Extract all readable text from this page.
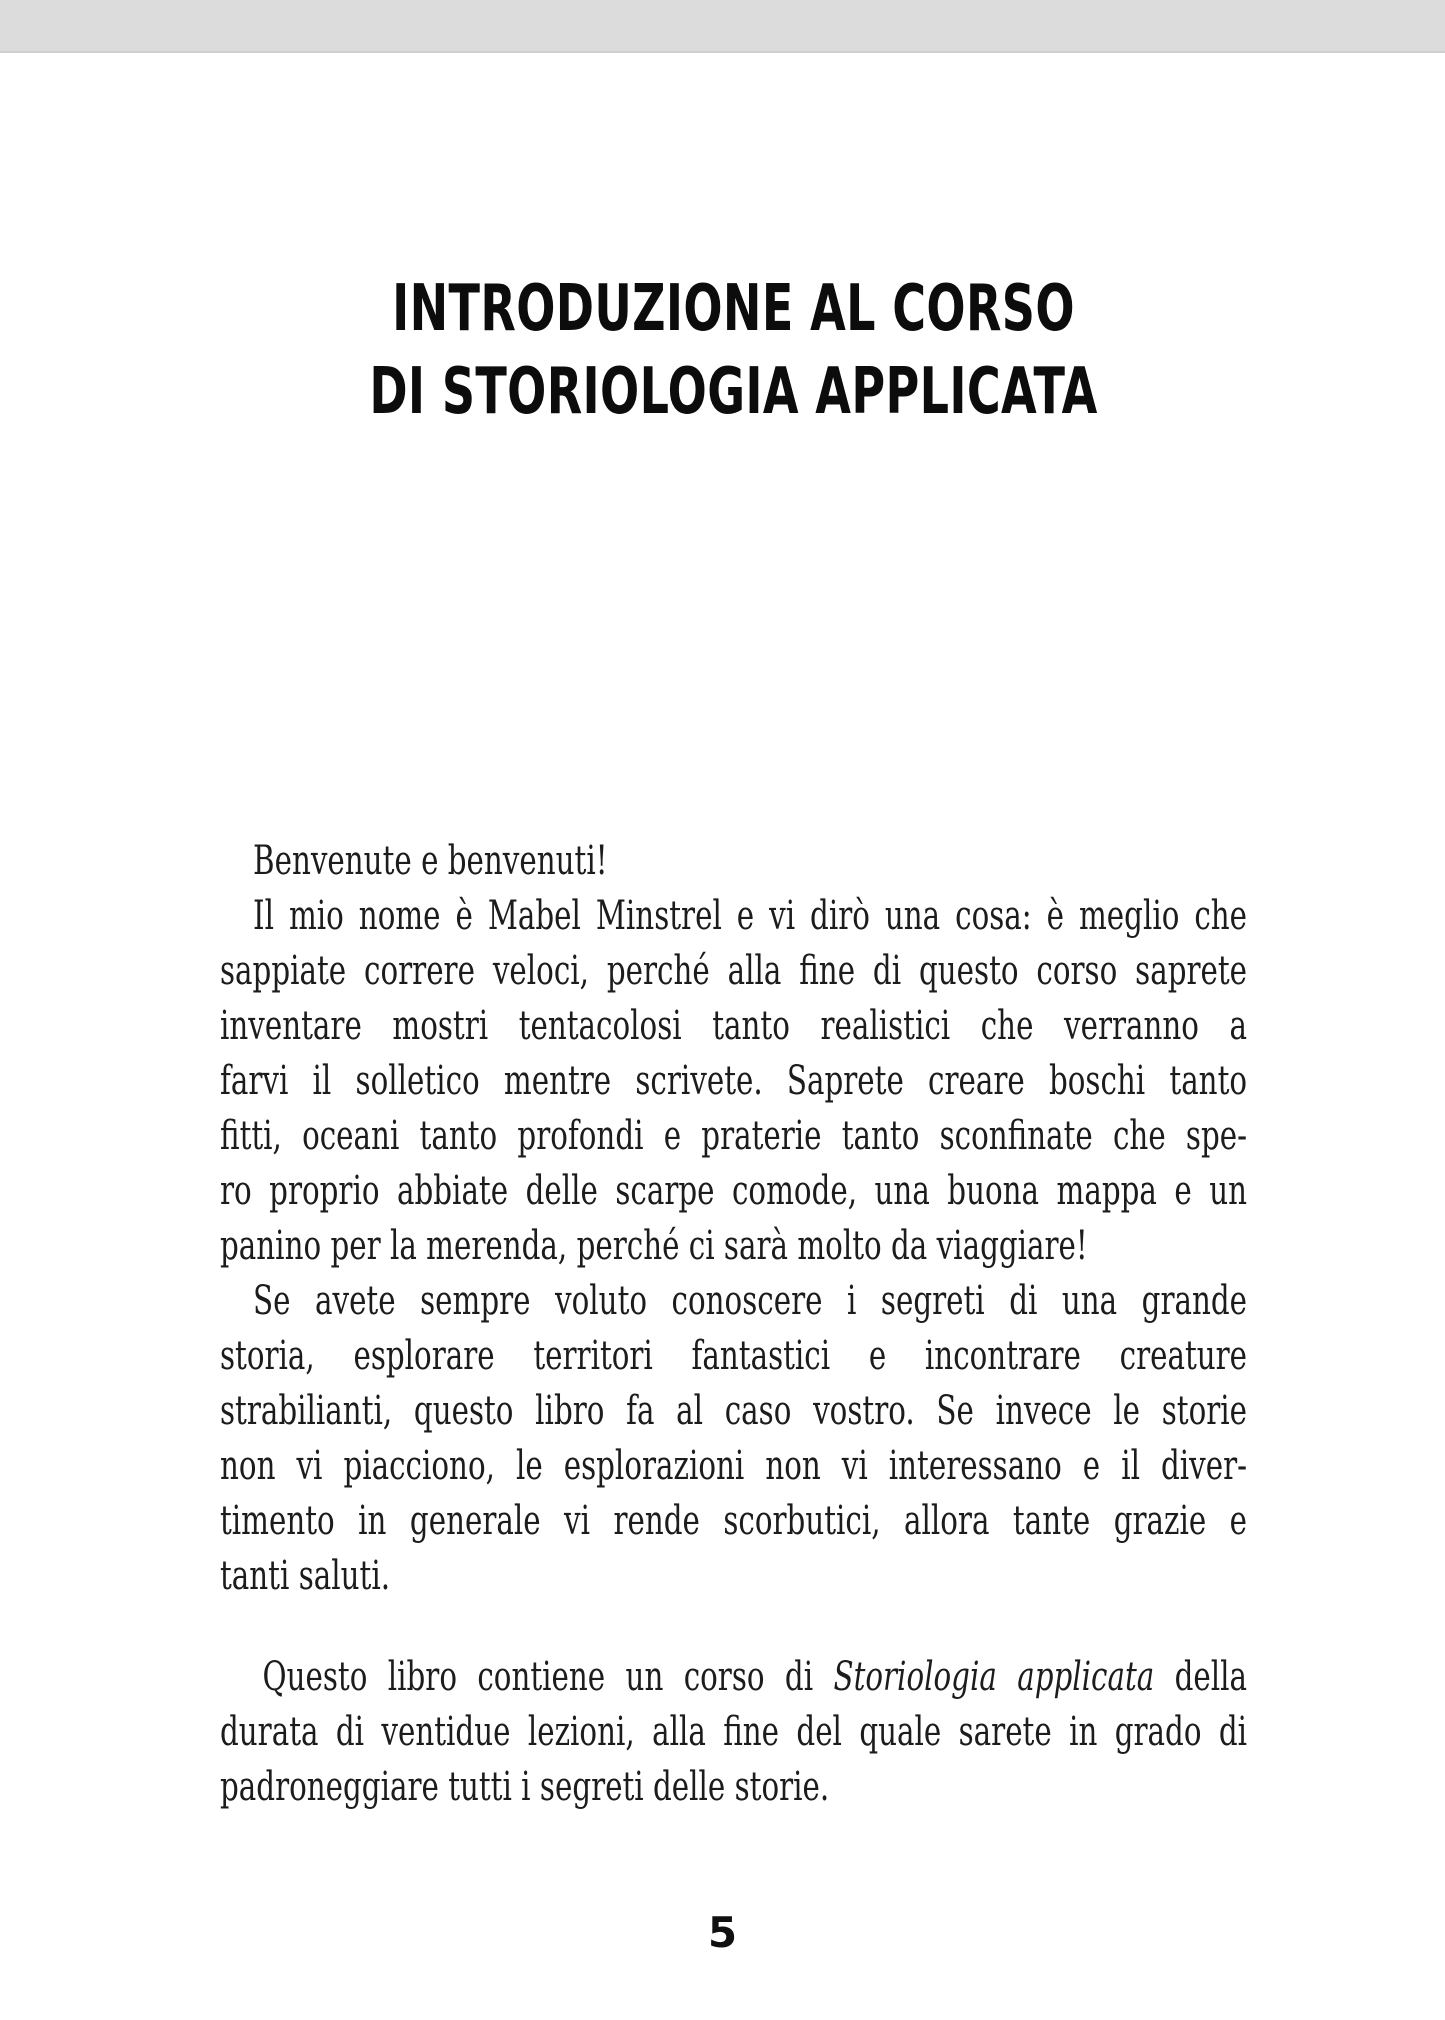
INTRODUZIONE AL CORSO
DI STORIOLOGIA APPLICATA
Benvenute e benvenuti!
Il mio nome è Mabel Minstrel e vi dirò una cosa: è meglio che
sappiate correre veloci, perché alla fine di questo corso saprete
inventare mostri tentacolosi tanto realistici che verranno a
farvi il solletico mentre scrivete. Saprete creare boschi tanto
fitti, oceani tanto profondi e praterie tanto sconfinate che spe-
ro proprio abbiate delle scarpe comode, una buona mappa e un
panino per la merenda, perché ci sarà molto da viaggiare!
Se avete sempre voluto conoscere i segreti di una grande
storia, esplorare territori fantastici e incontrare creature
strabilianti, questo libro fa al caso vostro. Se invece le storie
non vi piacciono, le esplorazioni non vi interessano e il diver-
timento in generale vi rende scorbutici, allora tante grazie e
tanti saluti.
Questo libro contiene un corso di Storiologia applicata della
durata di ventidue lezioni, alla fine del quale sarete in grado di
padroneggiare tutti i segreti delle storie.
5
